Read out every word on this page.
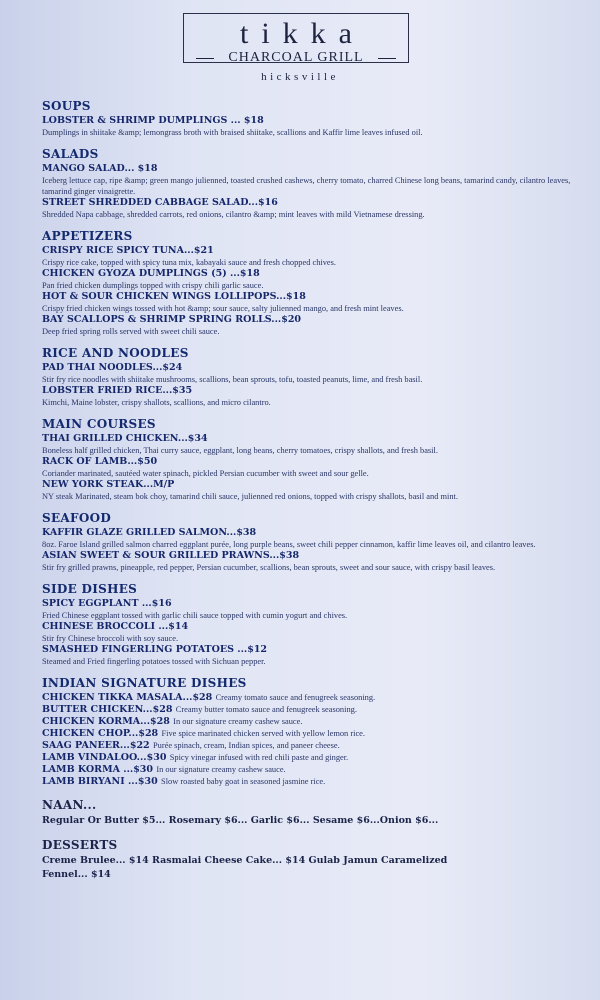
tikka
CHARCOAL GRILL
hicksville
SOUPS
LOBSTER & SHRIMP DUMPLINGS ... $18
Dumplings in shiitake &amp; lemongrass broth with braised shiitake, scallions and Kaffir lime leaves infused oil.
SALADS
MANGO SALAD... $18
Iceberg lettuce cap, ripe &amp; green mango julienned, toasted crushed cashews, cherry tomato, charred Chinese long beans, tamarind candy, cilantro leaves, tamarind ginger vinaigrette.
STREET SHREDDED CABBAGE SALAD...$16
Shredded Napa cabbage, shredded carrots, red onions, cilantro &amp; mint leaves with mild Vietnamese dressing.
APPETIZERS
CRISPY RICE SPICY TUNA...$21
Crispy rice cake, topped with spicy tuna mix, kabayaki sauce and fresh chopped chives.
CHICKEN GYOZA DUMPLINGS (5) ...$18
Pan fried chicken dumplings topped with crispy chili garlic sauce.
HOT & SOUR CHICKEN WINGS LOLLIPOPS...$18
Crispy fried chicken wings tossed with hot &amp; sour sauce, salty julienned mango, and fresh mint leaves.
BAY SCALLOPS & SHRIMP SPRING ROLLS...$20
Deep fried spring rolls served with sweet chili sauce.
RICE AND NOODLES
PAD THAI NOODLES...$24
Stir fry rice noodles with shiitake mushrooms, scallions, bean sprouts, tofu, toasted peanuts, lime, and fresh basil.
LOBSTER FRIED RICE...$35
Kimchi, Maine lobster, crispy shallots, scallions, and micro cilantro.
MAIN COURSES
THAI GRILLED CHICKEN...$34
Boneless half grilled chicken, Thai curry sauce, eggplant, long beans, cherry tomatoes, crispy shallots, and fresh basil.
RACK OF LAMB...$50
Coriander marinated, sautéed water spinach, pickled Persian cucumber with sweet and sour gelle.
NEW YORK STEAK...M/P
NY steak Marinated, steam bok choy, tamarind chili sauce, julienned red onions, topped with crispy shallots, basil and mint.
SEAFOOD
KAFFIR GLAZE GRILLED SALMON...$38
8oz. Faroe Island grilled salmon charred eggplant purée, long purple beans, sweet chili pepper cinnamon, kaffir lime leaves oil, and cilantro leaves.
ASIAN SWEET & SOUR GRILLED PRAWNS...$38
Stir fry grilled prawns, pineapple, red pepper, Persian cucumber, scallions, bean sprouts, sweet and sour sauce, with crispy basil leaves.
SIDE DISHES
SPICY EGGPLANT ...$16
Fried Chinese eggplant tossed with garlic chili sauce topped with cumin yogurt and chives.
CHINESE BROCCOLI ...$14
Stir fry Chinese broccoli with soy sauce.
SMASHED FINGERLING POTATOES ...$12
Steamed and Fried fingerling potatoes tossed with Sichuan pepper.
INDIAN SIGNATURE DISHES
CHICKEN TIKKA MASALA...$28 Creamy tomato sauce and fenugreek seasoning.
BUTTER CHICKEN...$28 Creamy butter tomato sauce and fenugreek seasoning.
CHICKEN KORMA...$28 In our signature creamy cashew sauce.
CHICKEN CHOP...$28 Five spice marinated chicken served with yellow lemon rice.
SAAG PANEER...$22 Purée spinach, cream, Indian spices, and paneer cheese.
LAMB VINDALOO...$30 Spicy vinegar infused with red chili paste and ginger.
LAMB KORMA ...$30 In our signature creamy cashew sauce.
LAMB BIRYANI ...$30 Slow roasted baby goat in seasoned jasmine rice.
NAAN...
Regular Or Butter $5... Rosemary $6... Garlic $6... Sesame $6...Onion $6...
DESSERTS
Creme Brulee... $14 Rasmalai Cheese Cake... $14 Gulab Jamun Caramelized
Fennel... $14
